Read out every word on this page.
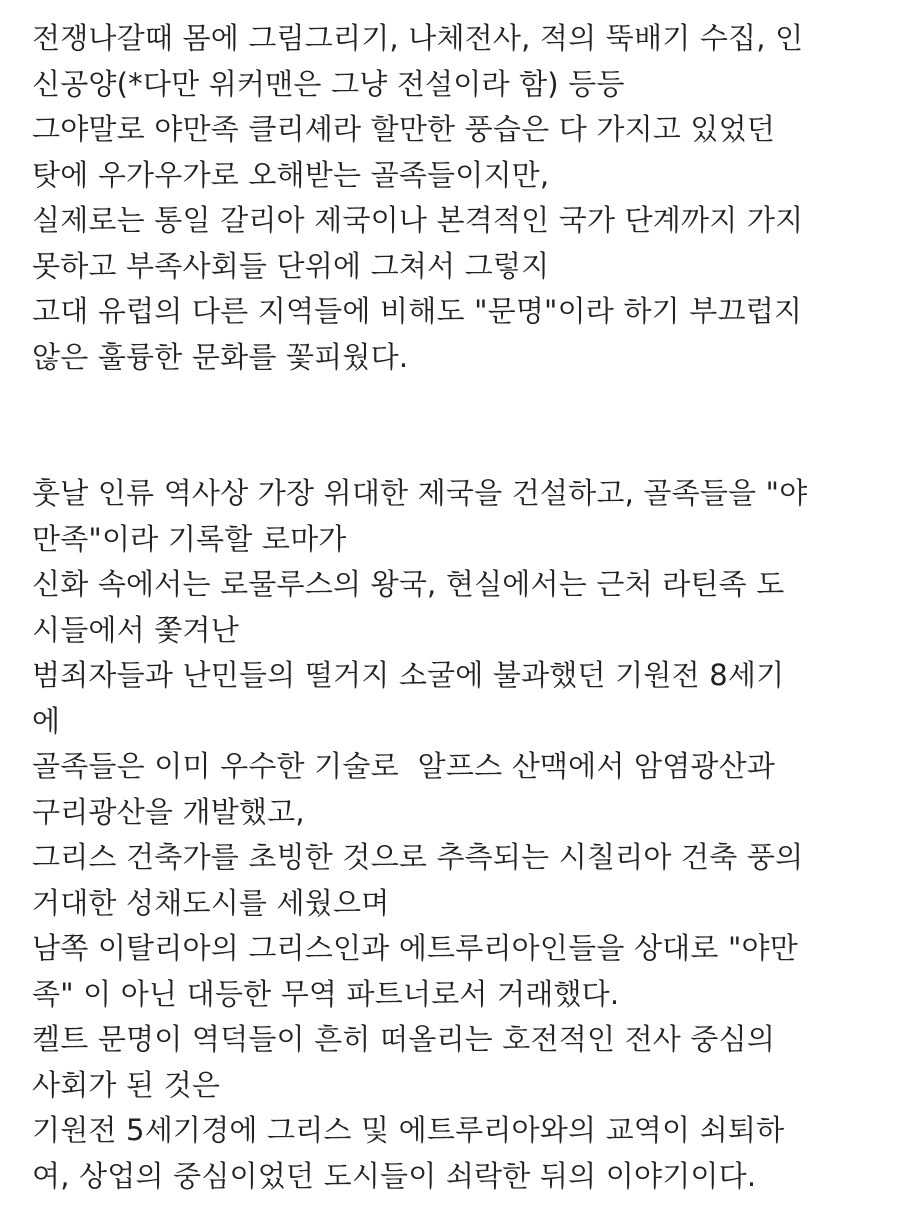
전쟁나갈때 몸에 그림그리기, 나체전사, 적의 뚝배기 수집, 인
신공양(*다만 위커맨은 그냥 전설이라 함) 등등
그야말로 야만족 클리셰라 할만한 풍습은 다 가지고 있었던
탓에 우가우가로 오해받는 골족들이지만,
실제로는 통일 갈리아 제국이나 본격적인 국가 단계까지 가지
못하고 부족사회들 단위에 그쳐서 그렇지
고대 유럽의 다른 지역들에 비해도 "문명"이라 하기 부끄럽지
않은 훌륭한 문화를 꽃피웠다.
훗날 인류 역사상 가장 위대한 제국을 건설하고, 골족들을 "야
만족"이라 기록할 로마가
신화 속에서는 로물루스의 왕국, 현실에서는 근처 라틴족 도
시들에서 쫓겨난
범죄자들과 난민들의 떨거지 소굴에 불과했던 기원전 8세기
에
골족들은 이미 우수한 기술로  알프스 산맥에서 암염광산과
구리광산을 개발했고,
그리스 건축가를 초빙한 것으로 추측되는 시칠리아 건축 풍의
거대한 성채도시를 세웠으며
남쪽 이탈리아의 그리스인과 에트루리아인들을 상대로 "야만
족" 이 아닌 대등한 무역 파트너로서 거래했다.
켈트 문명이 역덕들이 흔히 떠올리는 호전적인 전사 중심의
사회가 된 것은
기원전 5세기경에 그리스 및 에트루리아와의 교역이 쇠퇴하
여, 상업의 중심이었던 도시들이 쇠락한 뒤의 이야기이다.
